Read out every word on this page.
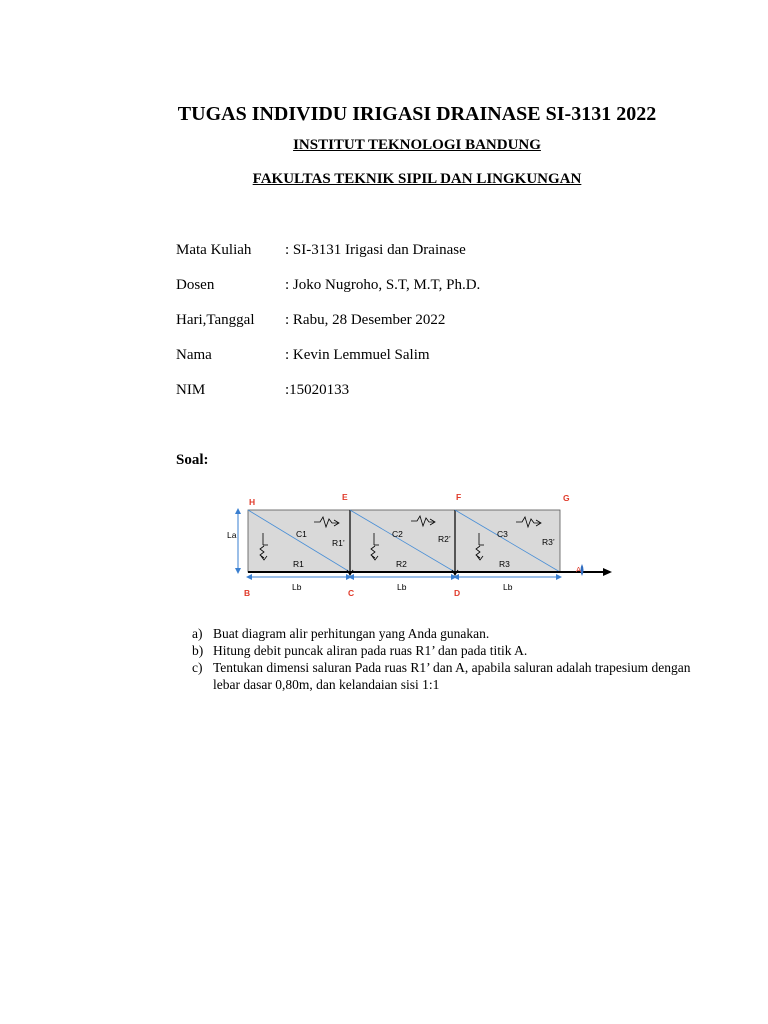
TUGAS INDIVIDU IRIGASI DRAINASE SI-3131 2022
INSTITUT TEKNOLOGI BANDUNG
FAKULTAS TEKNIK SIPIL DAN LINGKUNGAN
Mata Kuliah : SI-3131 Irigasi dan Drainase
Dosen	: Joko Nugroho, S.T, M.T, Ph.D.
Hari,Tanggal : Rabu, 28 Desember 2022
Nama	: Kevin Lemmuel Salim
NIM	:15020133
Soal:
La
Lb	Lb	Lb
H	E	F	G
B	C	D
C1	C2	C3
R1’	R2’	R3’
R1	R2	R3
A
a) Buat diagram alir perhitungan yang Anda gunakan.
b) Hitung debit puncak aliran pada ruas R1’ dan pada titik A.
c) Tentukan dimensi saluran Pada ruas R1’ dan A, apabila saluran adalah trapesium dengan lebar dasar 0,80m, dan kelandaian sisi 1:1
